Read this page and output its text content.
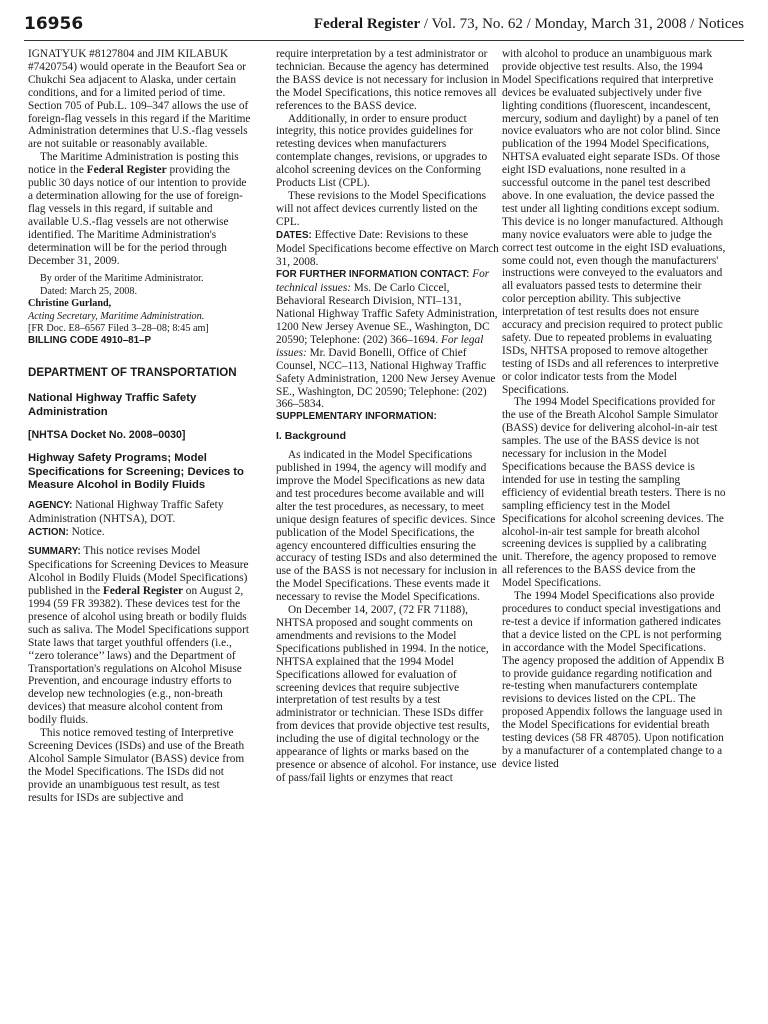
16956	Federal Register / Vol. 73, No. 62 / Monday, March 31, 2008 / Notices

IGNATYUK #8127804 and JIM KILABUK #7420754) would operate in the Beaufort Sea or Chukchi Sea adjacent to Alaska, under certain conditions, and for a limited period of time. Section 705 of Pub.L. 109–347 allows the use of foreign-flag vessels in this regard if the Maritime Administration determines that U.S.-flag vessels are not suitable or reasonably available.

The Maritime Administration is posting this notice in the Federal Register providing the public 30 days notice of our intention to provide a determination allowing for the use of foreign-flag vessels in this regard, if suitable and available U.S.-flag vessels are not otherwise identified. The Maritime Administration's determination will be for the period through December 31, 2009.

By order of the Maritime Administrator.

Dated: March 25, 2008.

Christine Gurland,

Acting Secretary, Maritime Administration.

[FR Doc. E8–6567 Filed 3–28–08; 8:45 am]

BILLING CODE 4910–81–P

DEPARTMENT OF TRANSPORTATION
National Highway Traffic Safety Administration
[NHTSA Docket No. 2008–0030]
Highway Safety Programs; Model Specifications for Screening; Devices to Measure Alcohol in Bodily Fluids

AGENCY: National Highway Traffic Safety Administration (NHTSA), DOT.

ACTION: Notice.

SUMMARY: This notice revises Model Specifications for Screening Devices to Measure Alcohol in Bodily Fluids (Model Specifications) published in the Federal Register on August 2, 1994 (59 FR 39382). These devices test for the presence of alcohol using breath or bodily fluids such as saliva. The Model Specifications support State laws that target youthful offenders (i.e., ‘‘zero tolerance’’ laws) and the Department of Transportation's regulations on Alcohol Misuse Prevention, and encourage industry efforts to develop new technologies (e.g., non-breath devices) that measure alcohol content from bodily fluids.

This notice removed testing of Interpretive Screening Devices (ISDs) and use of the Breath Alcohol Sample Simulator (BASS) device from the Model Specifications. The ISDs did not provide an unambiguous test result, as test results for ISDs are subjective and

require interpretation by a test administrator or technician. Because the agency has determined the BASS device is not necessary for inclusion in the Model Specifications, this notice removes all references to the BASS device.

Additionally, in order to ensure product integrity, this notice provides guidelines for retesting devices when manufacturers contemplate changes, revisions, or upgrades to alcohol screening devices on the Conforming Products List (CPL).

These revisions to the Model Specifications will not affect devices currently listed on the CPL.

DATES: Effective Date: Revisions to these Model Specifications become effective on March 31, 2008.

FOR FURTHER INFORMATION CONTACT: For technical issues: Ms. De Carlo Ciccel, Behavioral Research Division, NTI–131, National Highway Traffic Safety Administration, 1200 New Jersey Avenue SE., Washington, DC 20590; Telephone: (202) 366–1694. For legal issues: Mr. David Bonelli, Office of Chief Counsel, NCC–113, National Highway Traffic Safety Administration, 1200 New Jersey Avenue SE., Washington, DC 20590; Telephone: (202) 366–5834.

SUPPLEMENTARY INFORMATION:

I. Background

As indicated in the Model Specifications published in 1994, the agency will modify and improve the Model Specifications as new data and test procedures become available and will alter the test procedures, as necessary, to meet unique design features of specific devices. Since publication of the Model Specifications, the agency encountered difficulties ensuring the accuracy of testing ISDs and also determined the use of the BASS is not necessary for inclusion in the Model Specifications. These events made it necessary to revise the Model Specifications.

On December 14, 2007, (72 FR 71188), NHTSA proposed and sought comments on amendments and revisions to the Model Specifications published in 1994. In the notice, NHTSA explained that the 1994 Model Specifications allowed for evaluation of screening devices that require subjective interpretation of test results by a test administrator or technician. These ISDs differ from devices that provide objective test results, including the use of digital technology or the appearance of lights or marks based on the presence or absence of alcohol. For instance, use of pass/fail lights or enzymes that react

with alcohol to produce an unambiguous mark provide objective test results. Also, the 1994 Model Specifications required that interpretive devices be evaluated subjectively under five lighting conditions (fluorescent, incandescent, mercury, sodium and daylight) by a panel of ten novice evaluators who are not color blind. Since publication of the 1994 Model Specifications, NHTSA evaluated eight separate ISDs. Of those eight ISD evaluations, none resulted in a successful outcome in the panel test described above. In one evaluation, the device passed the test under all lighting conditions except sodium. This device is no longer manufactured. Although many novice evaluators were able to judge the correct test outcome in the eight ISD evaluations, some could not, even though the manufacturers' instructions were conveyed to the evaluators and all evaluators passed tests to determine their color perception ability. This subjective interpretation of test results does not ensure accuracy and precision required to protect public safety. Due to repeated problems in evaluating ISDs, NHTSA proposed to remove altogether testing of ISDs and all references to interpretive or color indicator tests from the Model Specifications.

The 1994 Model Specifications provided for the use of the Breath Alcohol Sample Simulator (BASS) device for delivering alcohol-in-air test samples. The use of the BASS device is not necessary for inclusion in the Model Specifications because the BASS device is intended for use in testing the sampling efficiency of evidential breath testers. There is no sampling efficiency test in the Model Specifications for alcohol screening devices. The alcohol-in-air test sample for breath alcohol screening devices is supplied by a calibrating unit. Therefore, the agency proposed to remove all references to the BASS device from the Model Specifications.

The 1994 Model Specifications also provide procedures to conduct special investigations and re-test a device if information gathered indicates that a device listed on the CPL is not performing in accordance with the Model Specifications. The agency proposed the addition of Appendix B to provide guidance regarding notification and re-testing when manufacturers contemplate revisions to devices listed on the CPL. The proposed Appendix follows the language used in the Model Specifications for evidential breath testing devices (58 FR 48705). Upon notification by a manufacturer of a contemplated change to a device listed
